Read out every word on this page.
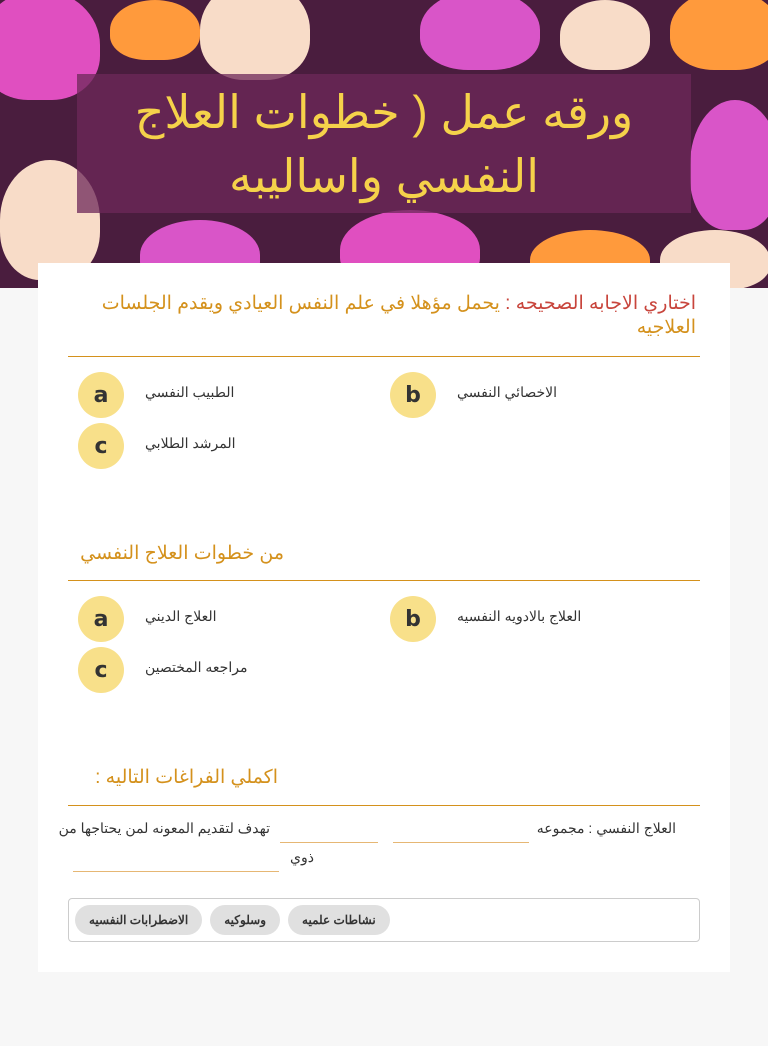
ورقه عمل ( خطوات العلاج النفسي واساليبه
اختاري الاجابه الصحيحه : يحمل مؤهلا في علم النفس العيادي ويقدم الجلسات العلاجيه
a	الطبيب النفسي	b	الاخصائي النفسي
c	المرشد الطلابي
من خطوات العلاج النفسي
a	العلاج الديني	b	العلاج بالادويه النفسيه
c	مراجعه المختصين
اكملي الفراغات التاليه :
العلاج النفسي : مجموعه
تهدف لتقديم المعونه لمن يحتاجها من
ذوي
نشاطات علميه
وسلوكيه
الاضطرابات النفسيه
